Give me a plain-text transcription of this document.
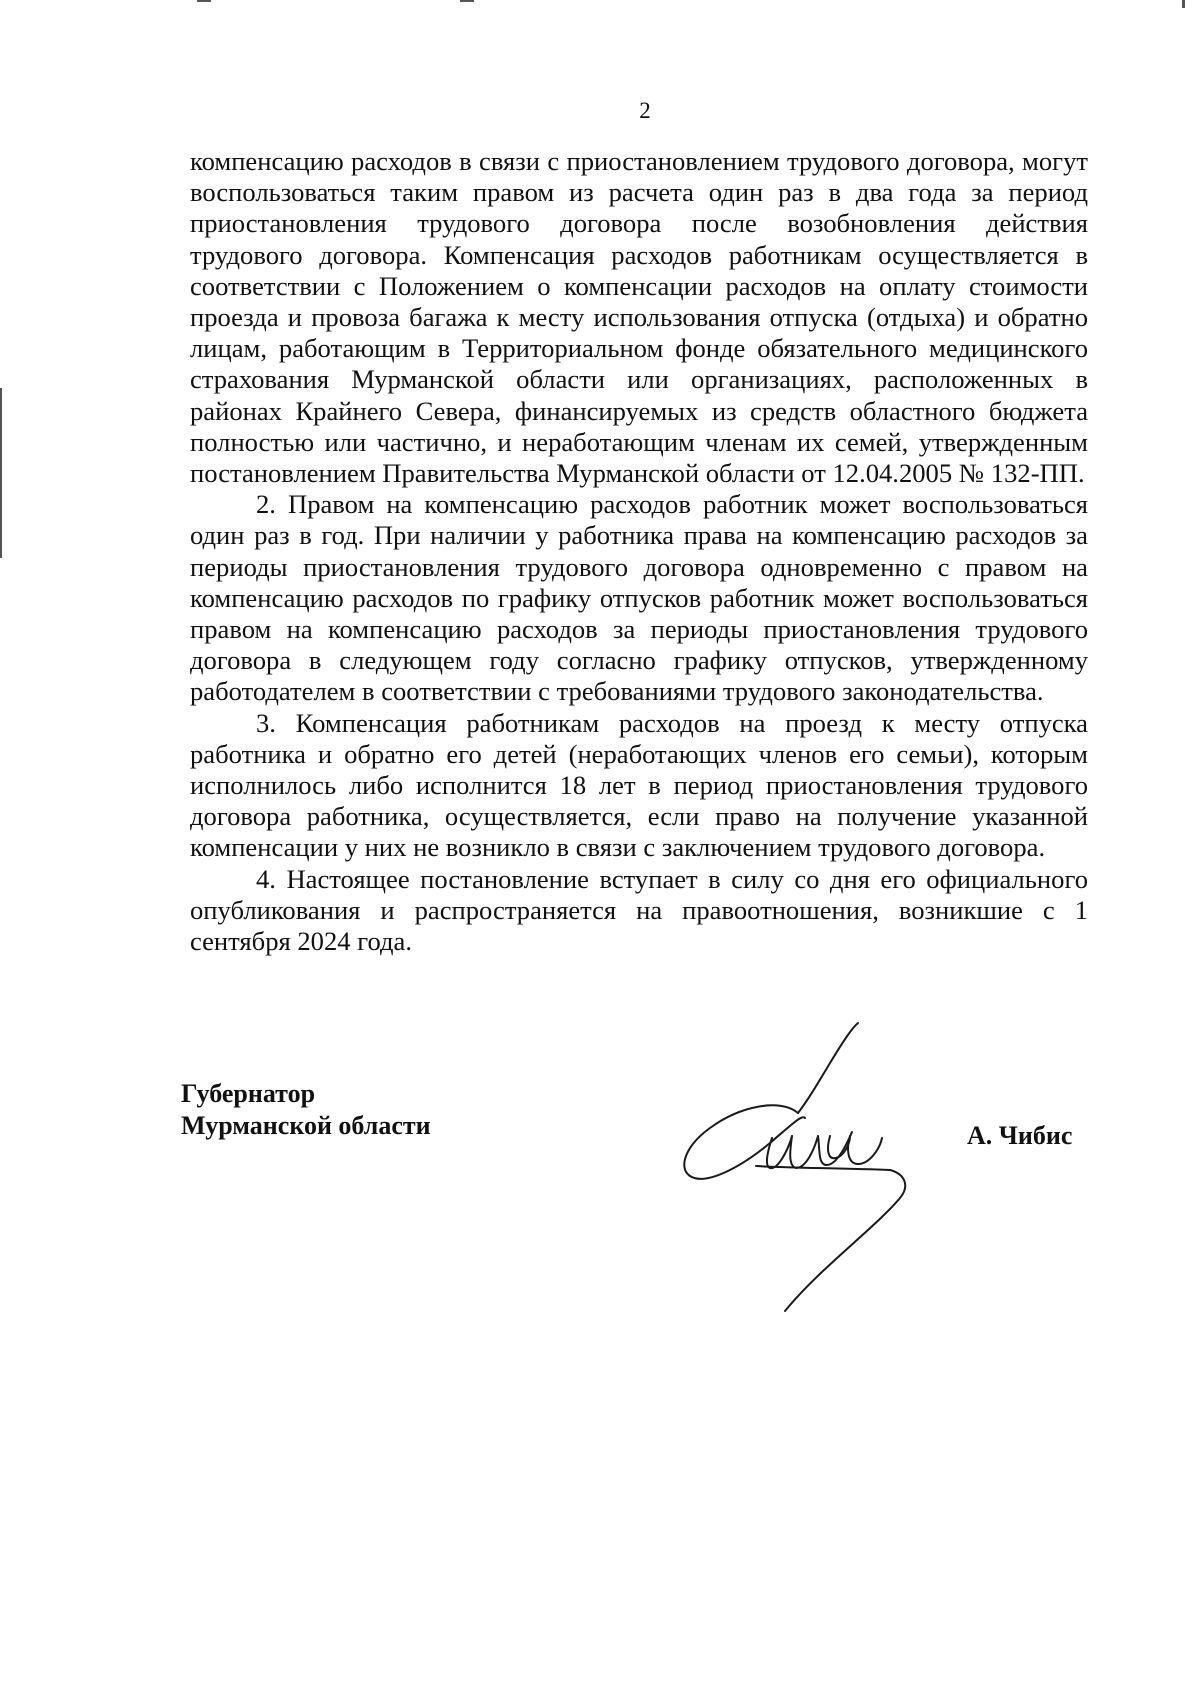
2

компенсацию расходов в связи с приостановлением трудового договора, могут воспользоваться таким правом из расчета один раз в два года за период приостановления трудового договора после возобновления действия трудового договора. Компенсация расходов работникам осуществляется в соответствии с Положением о компенсации расходов на оплату стоимости проезда и провоза багажа к месту использования отпуска (отдыха) и обратно лицам, работающим в Территориальном фонде обязательного медицинского страхования Мурманской области или организациях, расположенных в районах Крайнего Севера, финансируемых из средств областного бюджета полностью или частично, и неработающим членам их семей, утвержденным постановлением Правительства Мурманской области от 12.04.2005 № 132-ПП.

2. Правом на компенсацию расходов работник может воспользоваться один раз в год. При наличии у работника права на компенсацию расходов за периоды приостановления трудового договора одновременно с правом на компенсацию расходов по графику отпусков работник может воспользоваться правом на компенсацию расходов за периоды приостановления трудового договора в следующем году согласно графику отпусков, утвержденному работодателем в соответствии с требованиями трудового законодательства.

3. Компенсация работникам расходов на проезд к месту отпуска работника и обратно его детей (неработающих членов его семьи), которым исполнилось либо исполнится 18 лет в период приостановления трудового договора работника, осуществляется, если право на получение указанной компенсации у них не возникло в связи с заключением трудового договора.

4. Настоящее постановление вступает в силу со дня его официального опубликования и распространяется на правоотношения, возникшие с 1 сентября 2024 года.

Губернатор
Мурманской области	А. Чибис
